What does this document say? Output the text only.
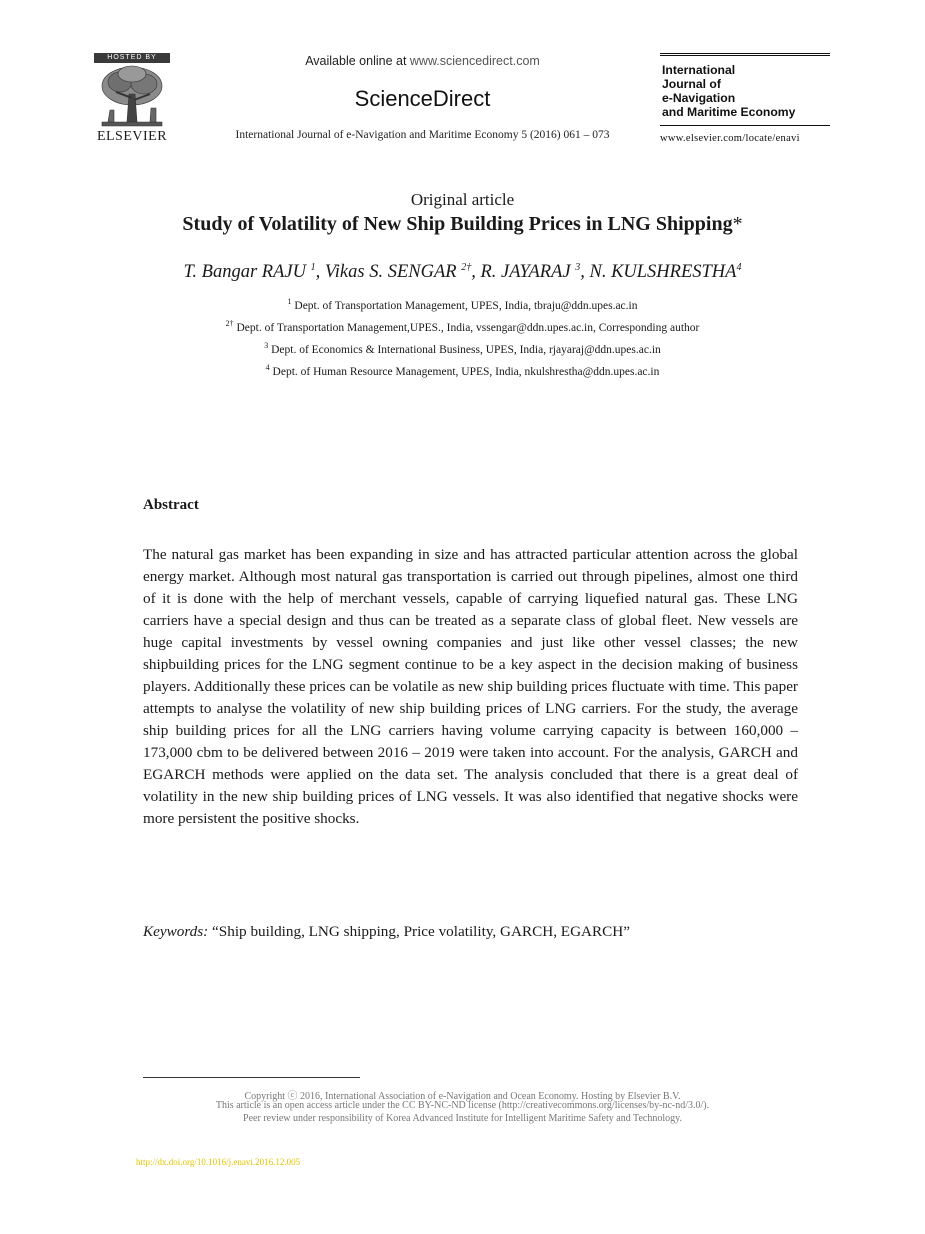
HOSTED BY
ELSEVIER
Available online at www.sciencedirect.com
ScienceDirect
International Journal of e-Navigation and Maritime Economy 5 (2016) 061 – 073
International
Journal of
e-Navigation
and Maritime Economy
www.elsevier.com/locate/enavi
Original article
Study of Volatility of New Ship Building Prices in LNG Shipping*
T. Bangar RAJU $^1$, Vikas S. SENGAR $^{2\dagger}$, R. JAYARAJ $^3$, N. KULSHRESTHA$^4$
$^1$ Dept. of Transportation Management, UPES, India, tbraju@ddn.upes.ac.in
$^{2\dagger}$ Dept. of Transportation Management,UPES., India, vssengar@ddn.upes.ac.in, Corresponding author
$^3$ Dept. of Economics & International Business, UPES, India, rjayaraj@ddn.upes.ac.in
$^4$ Dept. of Human Resource Management, UPES, India, nkulshrestha@ddn.upes.ac.in
Abstract
The natural gas market has been expanding in size and has attracted particular attention across the global energy market. Although most natural gas transportation is carried out through pipelines, almost one third of it is done with the help of merchant vessels, capable of carrying liquefied natural gas. These LNG carriers have a special design and thus can be treated as a separate class of global fleet. New vessels are huge capital investments by vessel owning companies and just like other vessel classes; the new shipbuilding prices for the LNG segment continue to be a key aspect in the decision making of business players. Additionally these prices can be volatile as new ship building prices fluctuate with time. This paper attempts to analyse the volatility of new ship building prices of LNG carriers. For the study, the average ship building prices for all the LNG carriers having volume carrying capacity is between 160,000 – 173,000 cbm to be delivered between 2016 – 2019 were taken into account. For the analysis, GARCH and EGARCH methods were applied on the data set. The analysis concluded that there is a great deal of volatility in the new ship building prices of LNG vessels. It was also identified that negative shocks were more persistent the positive shocks.
Keywords: “Ship building, LNG shipping, Price volatility, GARCH, EGARCH”
Copyright ⓒ 2016, International Association of e-Navigation and Ocean Economy. Hosting by Elsevier B.V.
This article is an open access article under the CC BY-NC-ND license (http://creativecommons.org/licenses/by-nc-nd/3.0/).
Peer review under responsibility of Korea Advanced Institute for Intelligent Maritime Safety and Technology.
http://dx.doi.org/10.1016/j.enavi.2016.12.005
